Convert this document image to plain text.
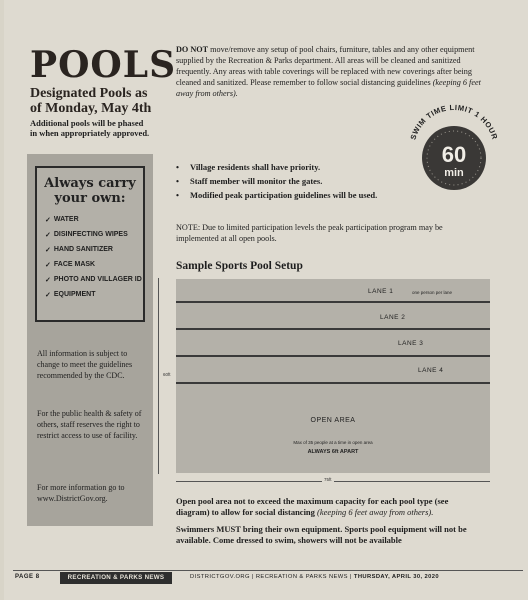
POOLS
Designated Pools as of Monday, May 4th
Additional pools will be phased in when appropriately approved.
DO NOT move/remove any setup of pool chairs, furniture, tables and any other equipment supplied by the Recreation & Parks department. All areas will be cleaned and sanitized frequently. Any areas with table coverings will be replaced with new coverings after being cleaned and sanitized. Please remember to follow social distancing guidelines (keeping 6 feet away from others).
SWIM TIME LIMIT 1 HOUR
60
min
Always carry
your own:
✓ WATER
✓ DISINFECTING WIPES
✓ HAND SANITIZER
✓ FACE MASK
✓ PHOTO AND VILLAGER ID
✓ EQUIPMENT
All information is subject to change to meet the guidelines recommended by the CDC.
For the public health & safety of others, staff reserves the right to restrict access to use of facility.
For more information go to www.DistrictGov.org.
•	Village residents shall have priority.
•	Staff member will monitor the gates.
•	Modified peak participation guidelines will be used.
NOTE: Due to limited participation levels the peak participation program may be implemented at all open pools.
Sample Sports Pool Setup
60ft
LANE 1	one person per lane
LANE 2
LANE 3
LANE 4
OPEN AREA
Max of 35 people at a time in open area
ALWAYS 6ft APART
75ft
Open pool area not to exceed the maximum capacity for each pool type (see diagram) to allow for social distancing (keeping 6 feet away from others).
Swimmers MUST bring their own equipment. Sports pool equipment will not be available. Come dressed to swim, showers will not be available
PAGE 8	RECREATION & PARKS NEWS	DISTRICTGOV.ORG | RECREATION & PARKS NEWS | THURSDAY, APRIL 30, 2020
